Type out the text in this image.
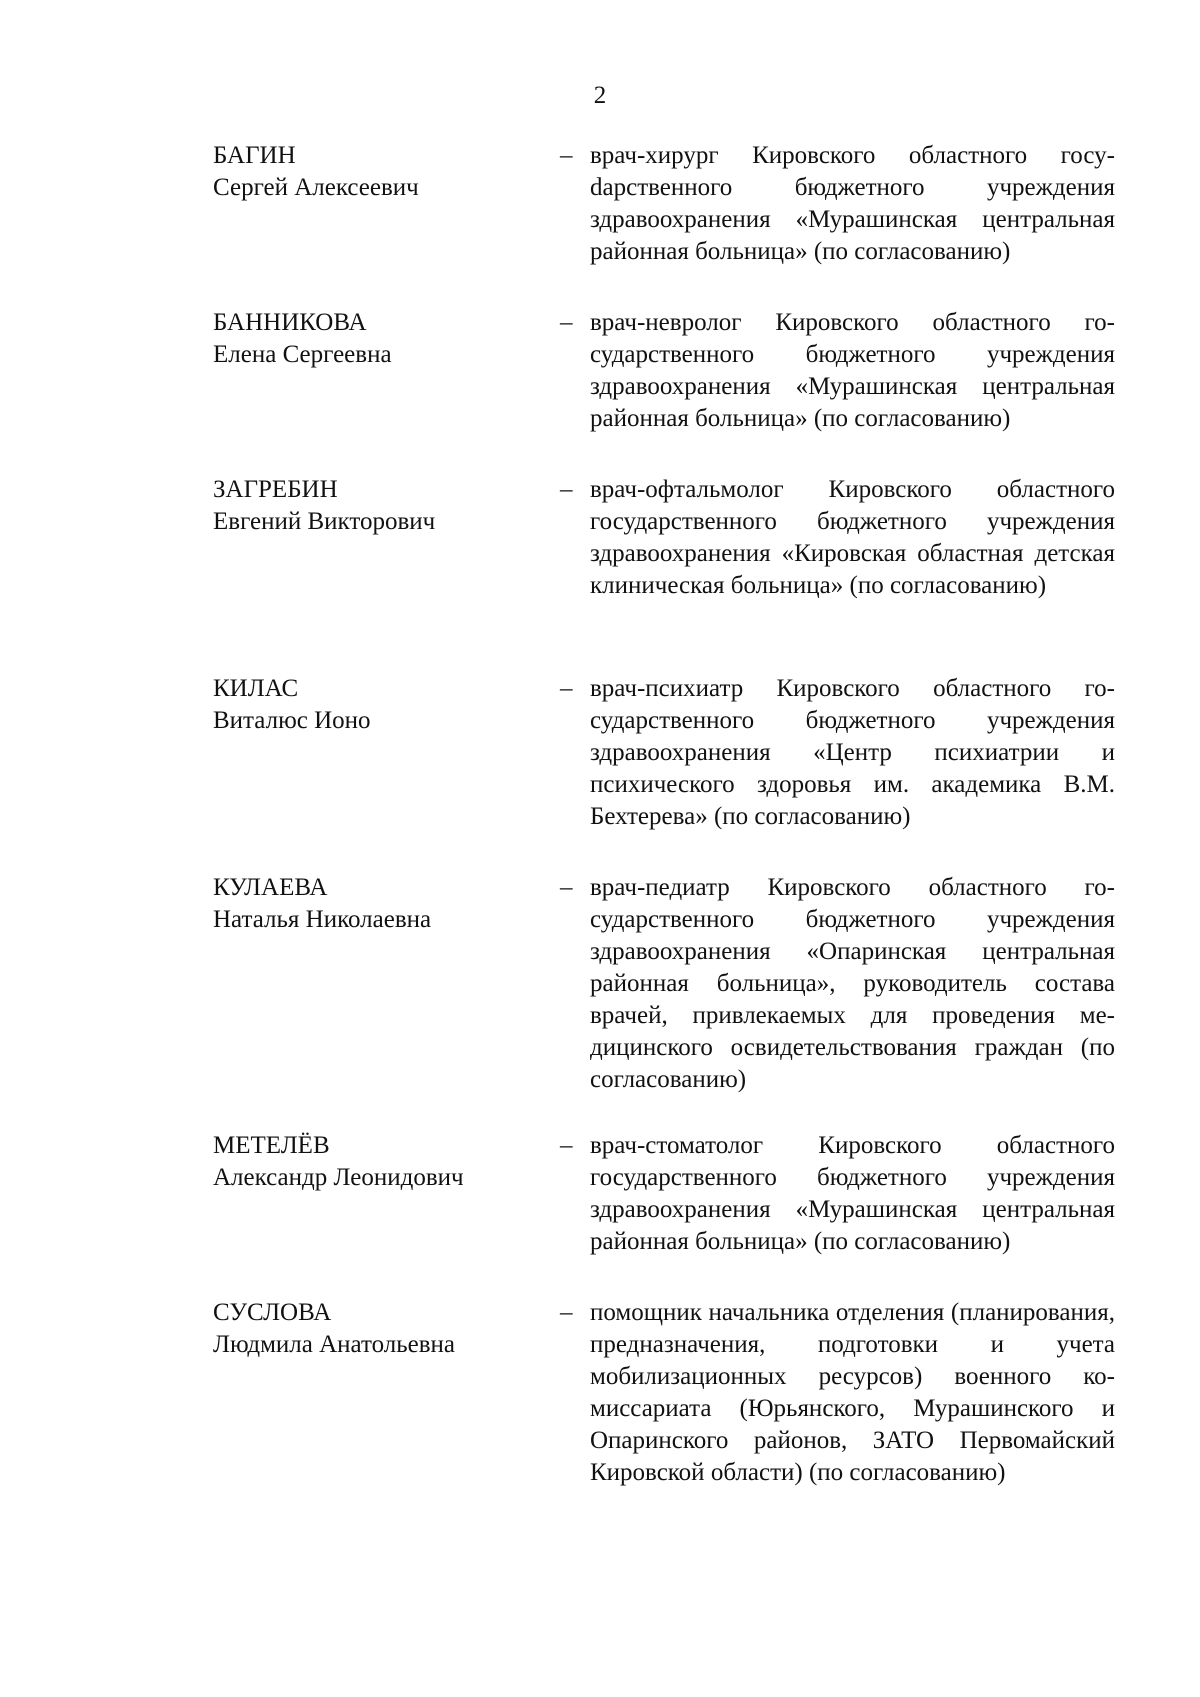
2
БАГИН
Сергей Алексеевич
– врач-хирург Кировского областного госуdарственного бюджетного учреждения здравоохранения «Мурашинская центральная районная больница» (по согласованию)
БАННИКОВА
Елена Сергеевна
– врач-невролог Кировского областного государственного бюджетного учреждения здравоохранения «Мурашинская центральная районная больница» (по согласованию)
ЗАГРЕБИН
Евгений Викторович
– врач-офтальмолог Кировского областного государственного бюджетного учреждения здравоохранения «Кировская областная детская клиническая больница» (по согласованию)
КИЛАС
Виталюс Ионо
– врач-психиатр Кировского областного государственного бюджетного учреждения здравоохранения «Центр психиатрии и психического здоровья им. академика В.М. Бехтерева» (по согласованию)
КУЛАЕВА
Наталья Николаевна
– врач-педиатр Кировского областного государственного бюджетного учреждения здравоохранения «Опаринская центральная районная больница», руководитель состава врачей, привлекаемых для проведения медицинского освидетельствования граждан (по согласованию)
МЕТЕЛЁВ
Александр Леонидович
– врач-стоматолог Кировского областного государственного бюджетного учреждения здравоохранения «Мурашинская центральная районная больница» (по согласованию)
СУСЛОВА
Людмила Анатольевна
– помощник начальника отделения (планирования, предназначения, подготовки и учета мобилизационных ресурсов) военного комиссариата (Юрьянского, Мурашинского и Опаринского районов, ЗАТО Первомайский Кировской области) (по согласованию)
